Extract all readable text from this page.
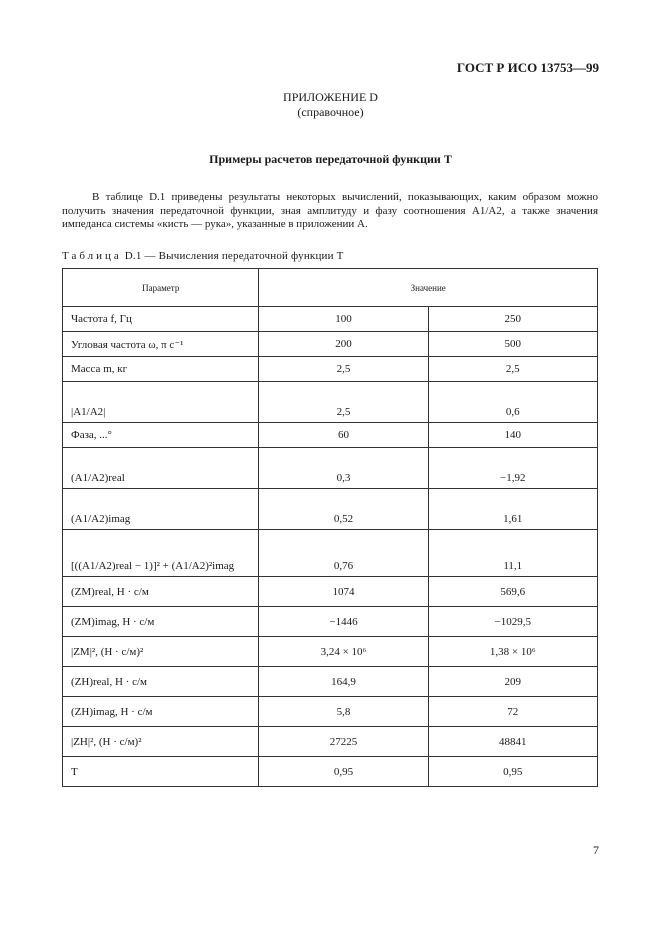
ГОСТ Р ИСО 13753—99
ПРИЛОЖЕНИЕ D
(справочное)
Примеры расчетов передаточной функции T
В таблице D.1 приведены результаты некоторых вычислений, показывающих, каким образом можно получить значения передаточной функции, зная амплитуду и фазу соотношения A1/A2, а также значения импеданса системы «кисть — рука», указанные в приложении А.
Таблица D.1 — Вычисления передаточной функции T
Параметр	Значение	
Частота f, Гц	100	250
Угловая частота ω, π с⁻¹	200	500
Масса m, кг	2,5	2,5
|A1/A2|	2,5	0,6
Фаза, ...°	60	140
(A1/A2)real	0,3	−1,92
(A1/A2)imag	0,52	1,61
[((A1/A2)real − 1)]² + (A1/A2)²imag	0,76	11,1
(ZM)real, Н · с/м	1074	569,6
(ZM)imag, Н · с/м	−1446	−1029,5
|ZM|², (Н · с/м)²	3,24 × 10⁶	1,38 × 10⁶
(ZH)real, Н · с/м	164,9	209
(ZH)imag, Н · с/м	5,8	72
|ZH|², (Н · с/м)²	27225	48841
T	0,95	0,95
7
